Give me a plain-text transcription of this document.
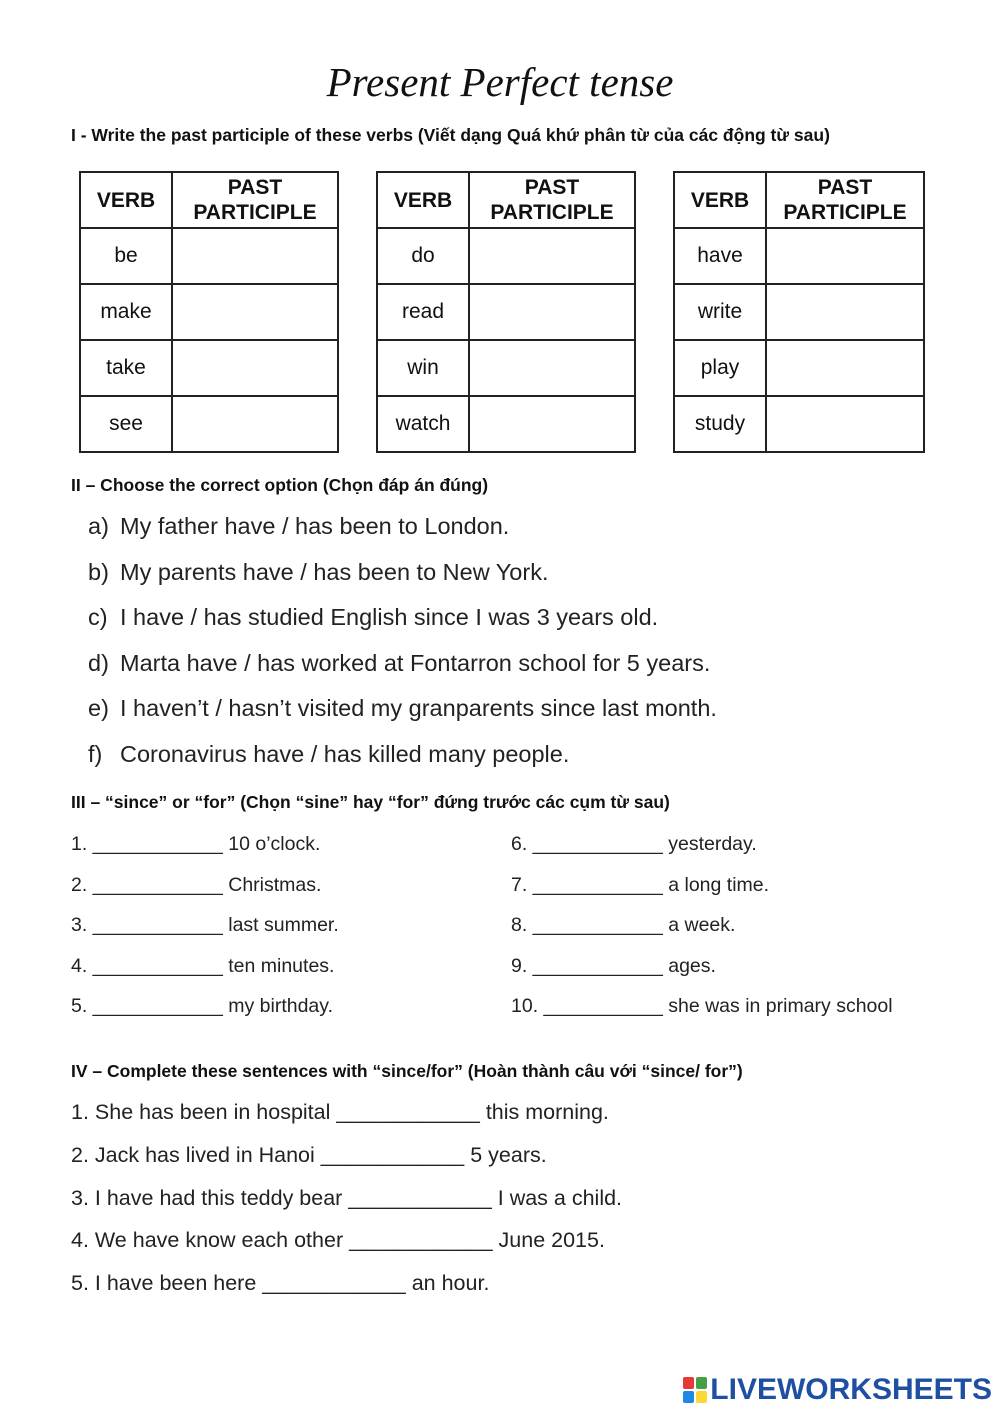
Present Perfect tense
I - Write the past participle of these verbs (Viết dạng Quá khứ phân từ của các động từ sau)
VERB	PAST
PARTICIPLE
be	
make	
take	
see	
VERB	PAST
PARTICIPLE
do	
read	
win	
watch	
VERB	PAST
PARTICIPLE
have	
write	
play	
study	
II – Choose the correct option (Chọn đáp án đúng)
a) My father have / has been to London.
b) My parents have / has been to New York.
c) I have / has studied English since I was 3 years old.
d) Marta have / has worked at Fontarron school for 5 years.
e) I haven’t / hasn’t visited my granparents since last month.
f) Coronavirus have / has killed many people.
III – “since” or “for” (Chọn “sine” hay “for” đứng trước các cụm từ sau)
1. ____________ 10 o’clock.
2. ____________ Christmas.
3. ____________ last summer.
4. ____________ ten minutes.
5. ____________ my birthday.
6. ____________ yesterday.
7. ____________ a long time.
8. ____________ a week.
9. ____________ ages.
10. ___________ she was in primary school
IV – Complete these sentences with “since/for” (Hoàn thành câu với “since/ for”)
1. She has been in hospital ____________ this morning.
2. Jack has lived in Hanoi ____________ 5 years.
3. I have had this teddy bear ____________ I was a child.
4. We have know each other ____________ June 2015.
5. I have been here ____________ an hour.
LIVEWORKSHEETS
